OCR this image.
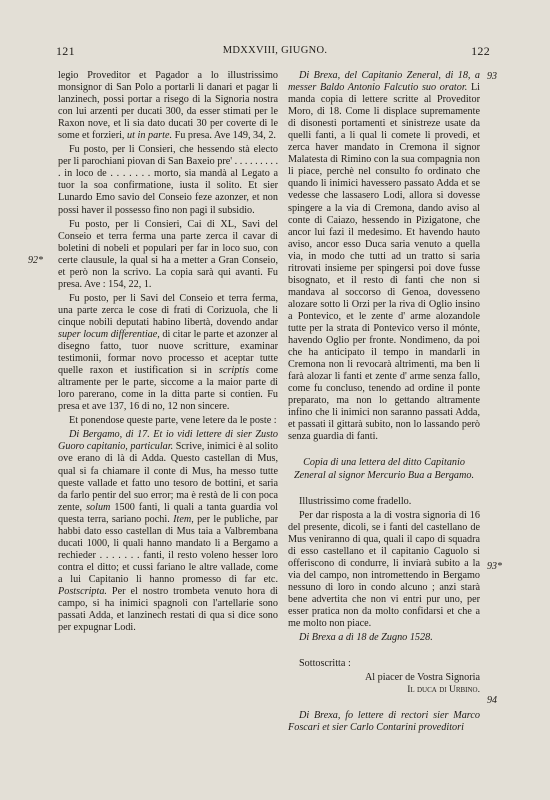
121	MDXXVIII, GIUGNO.	122
92*
93
93*
94

legio Proveditor et Pagador a lo illustrissimo monsignor di San Polo a portarli li danari et pagar li lanzinech, possi portar a risego di la Signoria nostra con lui arzenti per ducati 300, da esser stimati per le Raxon nove, et li sia dato ducati 30 per coverte di le some et forzieri, ut in parte. Fu presa. Ave 149, 34, 2.

Fu posto, per li Consieri, che hessendo stà electo per li parochiani piovan di San Baxeio pre' . . . . . . . . . . in loco de . . . . . . . morto, sia mandà al Legato a tuor la soa confirmatione, iusta il solito. Et sier Lunardo Emo savio del Conseio feze azonzer, et non possi haver il possesso fino non pagi il subsidio.

Fu posto, per li Consieri, Cai di XL, Savi del Conseio et terra ferma una parte zerca il cavar di boletini di nobeli et populari per far in loco suo, con certe clausule, la qual si ha a metter a Gran Conseio, et però non la scrivo. La copia sarà qui avanti. Fu presa. Ave : 154, 22, 1.

Fu posto, per li Savi del Conseio et terra ferma, una parte zerca le cose di frati di Corizuola, che li cinque nobili deputati habino libertà, dovendo andar super locum differentiae, di citar le parte et azonzer al disegno fatto, tuor nuove scritture, examinar testimonii, formar novo processo et aceptar tutte quelle raxon et iustification si in scriptis come altramente per le parte, siccome a la maior parte di loro parerano, come in la ditta parte si contien. Fu presa et ave 137, 16 di no, 12 non sincere.

Et ponendose queste parte, vene letere da le poste :

Di Bergamo, di 17. Et io vidi lettere di sier Zusto Guoro capitanio, particular. Scrive, inimici è al solito ove erano di là di Adda. Questo castellan di Mus, qual si fa chiamare il conte di Mus, ha messo tutte queste vallade et fatto uno tesoro de bottini, et saria da farlo pentir del suo error; ma è restà de li con poca zente, solum 1500 fanti, li quali a tanta guardia vol questa terra, sariano pochi. Item, per le publiche, par habbi dato esso castellan di Mus taia a Valbrembana ducati 1000, li quali hanno mandato li a Bergamo a rechieder . . . . . . . fanti, il resto voleno hesser loro contra el ditto; et cussi fariano le altre vallade, come a lui Capitanio li hanno promesso di far etc. Postscripta. Per el nostro trombeta venuto hora di campo, si ha inimici spagnoli con l'artellarie sono passati Adda, et lanzinech restati di qua si dice sono per expugnar Lodi.

Di Brexa, del Capitanio Zeneral, di 18, a messer Baldo Antonio Falcutio suo orator. Li manda copia di lettere scritte al Proveditor Moro, di 18. Come li displace supremamente di disonesti portamenti et sinistreze usate da quelli fanti, a li qual li comete li provedi, et zerca haver mandato in Cremona il signor Malatesta di Rimino con la sua compagnia non li piace, perchè nel consulto fo ordinato che quando li inimici havessero passato Adda et se vedesse che lassasero Lodi, allora si dovesse spingere a la via di Cremona, dando aviso al conte di Caiazo, hessendo in Pizigatone, che ancor lui fazi il medesimo. Et havendo hauto aviso, ancor esso Duca saria venuto a quella via, in modo che tutti ad un tratto si saria ritrovati insieme per spingersi poi dove fusse bisognato, et il resto di fanti che non si mandava al soccorso di Genoa, dovesseno alozare sotto li Orzi per la riva di Oglio insino a Pontevico, et le zente d' arme alozandole tutte per la strata di Pontevico verso il mónte, havendo Oglio per fronte. Nondimeno, da poi che ha anticipato il tempo in mandarli in Cremona non li revocarà altrimenti, ma ben li farà alozar li fanti et zente d' arme senza fallo, come fu concluso, tenendo ad ordine il ponte preparato, ma non lo gettando altramente infino che li inimici non saranno passati Adda, et passati il gittarà subito, non lo lassando però senza guardia di fanti.

Copia di una lettera del ditto Capitanio Zeneral al signor Mercurio Bua a Bergamo.

Illustrissimo come fradello.

Per dar risposta a la di vostra signoria di 16 del presente, dicoli, se i fanti del castellano de Mus veniranno di qua, quali il capo di squadra di esso castellano et il capitanio Caguolo si offeriscono di condurre, li inviarà subito a la via del campo, non intromettendo in Bergamo nessuno di loro in condo alcuno ; anzi starà bene advertita che non vi entri pur uno, per esser pratica non da molto confidarsi et che a me molto non piace.

Di Brexa a dì 18 de Zugno 1528.

Sottoscritta :

Al piacer de Vostra Signoria

Il duca di Urbino.

Di Brexa, fo lettere di rectori sier Marco Foscari et sier Carlo Contarini proveditori
